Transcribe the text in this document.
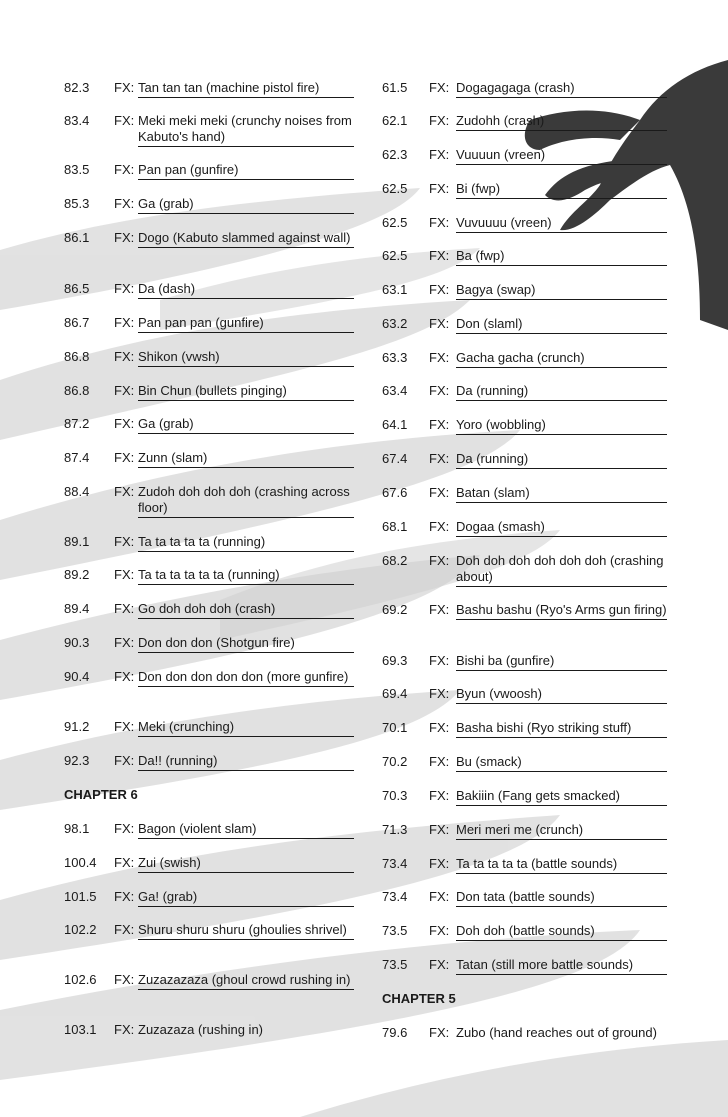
82.3	FX: Tan tan tan (machine pistol fire)
83.4	FX: Meki meki meki (crunchy noises from Kabuto's hand)
83.5	FX: Pan pan (gunfire)
85.3	FX: Ga (grab)
86.1	FX: Dogo (Kabuto slammed against wall)
86.5	FX: Da (dash)
86.7	FX: Pan pan pan (gunfire)
86.8	FX: Shikon (vwsh)
86.8	FX: Bin Chun (bullets pinging)
87.2	FX: Ga (grab)
87.4	FX: Zunn (slam)
88.4	FX: Zudoh doh doh doh (crashing across floor)
89.1	FX: Ta ta ta ta ta (running)
89.2	FX: Ta ta ta ta ta ta (running)
89.4	FX: Go doh doh doh (crash)
90.3	FX: Don don don (Shotgun fire)
90.4	FX: Don don don don don (more gunfire)
91.2	FX: Meki (crunching)
92.3	FX: Da!! (running)
CHAPTER 6
98.1	FX: Bagon (violent slam)
100.4	FX: Zui (swish)
101.5	FX: Ga! (grab)
102.2	FX: Shuru shuru shuru (ghoulies shrivel)
102.6	FX: Zuzazazaza (ghoul crowd rushing in)
103.1	FX: Zuzazaza (rushing in)
61.5	FX: Dogagagaga (crash)
62.1	FX: Zudohh (crash)
62.3	FX: Vuuuun (vreen)
62.5	FX: Bi (fwp)
62.5	FX: Vuvuuuu (vreen)
62.5	FX: Ba (fwp)
63.1	FX: Bagya (swap)
63.2	FX: Don (slaml)
63.3	FX: Gacha gacha (crunch)
63.4	FX: Da (running)
64.1	FX: Yoro (wobbling)
67.4	FX: Da (running)
67.6	FX: Batan (slam)
68.1	FX: Dogaa (smash)
68.2	FX: Doh doh doh doh doh doh (crashing about)
69.2	FX: Bashu bashu (Ryo's Arms gun firing)
69.3	FX: Bishi ba (gunfire)
69.4	FX: Byun (vwoosh)
70.1	FX: Basha bishi (Ryo striking stuff)
70.2	FX: Bu (smack)
70.3	FX: Bakiiin (Fang gets smacked)
71.3	FX: Meri meri me (crunch)
73.4	FX: Ta ta ta ta ta (battle sounds)
73.4	FX: Don tata (battle sounds)
73.5	FX: Doh doh (battle sounds)
73.5	FX: Tatan (still more battle sounds)
CHAPTER 5
79.6	FX: Zubo (hand reaches out of ground)
